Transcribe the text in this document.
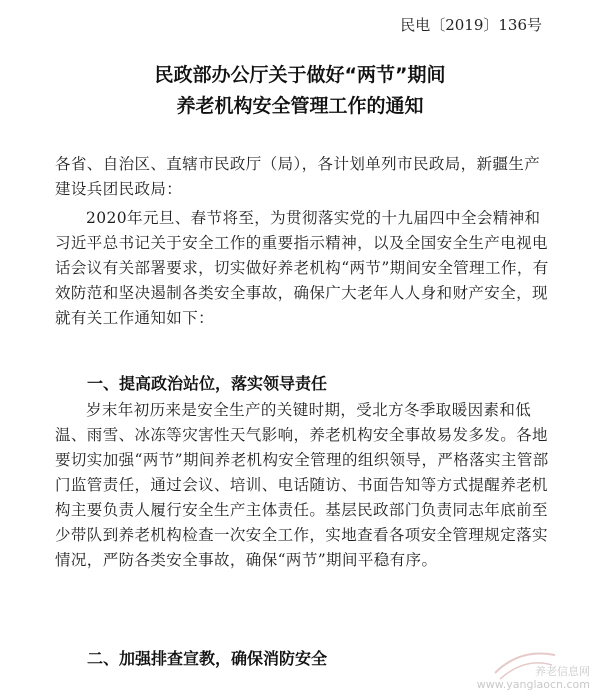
民电〔2019〕136号
民政部办公厅关于做好“两节”期间
养老机构安全管理工作的通知
各省、自治区、直辖市民政厅（局），各计划单列市民政局，新疆生产建设兵团民政局：

2020年元旦、春节将至，为贯彻落实党的十九届四中全会精神和习近平总书记关于安全工作的重要指示精神，以及全国安全生产电视电话会议有关部署要求，切实做好养老机构“两节”期间安全管理工作，有效防范和坚决遏制各类安全事故，确保广大老年人人身和财产安全，现就有关工作通知如下：

一、提高政治站位，落实领导责任

岁末年初历来是安全生产的关键时期，受北方冬季取暖因素和低温、雨雪、冰冻等灾害性天气影响，养老机构安全事故易发多发。各地要切实加强“两节”期间养老机构安全管理的组织领导，严格落实主管部门监管责任，通过会议、培训、电话随访、书面告知等方式提醒养老机构主要负责人履行安全生产主体责任。基层民政部门负责同志年底前至少带队到养老机构检查一次安全工作，实地查看各项安全管理规定落实情况，严防各类安全事故，确保“两节”期间平稳有序。

二、加强排查宣教，确保消防安全
养老信息网
www.yanglaocn.com
